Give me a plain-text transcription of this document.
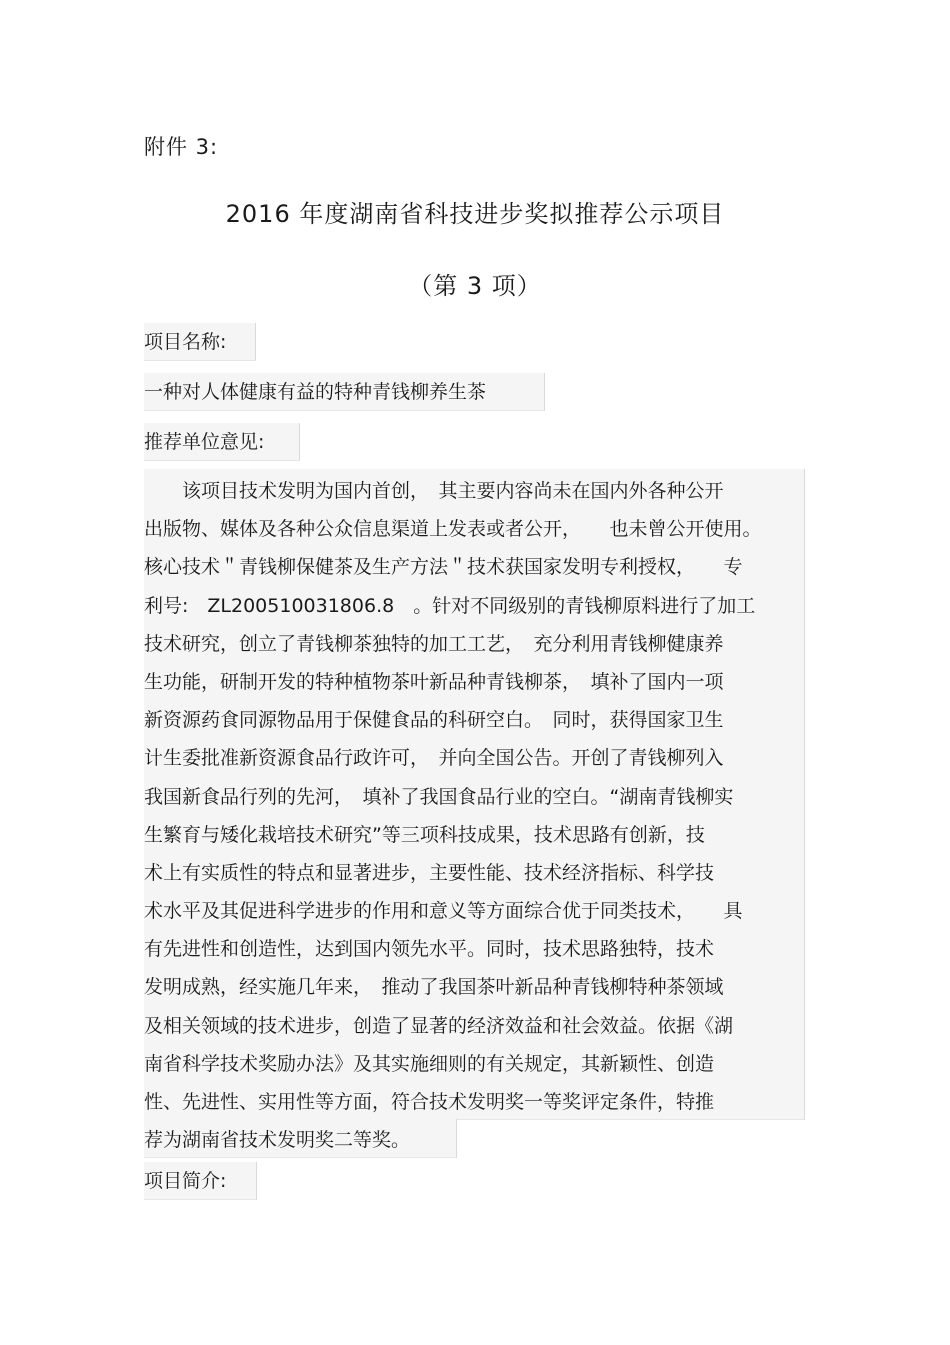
附件 3:
2016 年度湖南省科技进步奖拟推荐公示项目
（第 3 项）
项目名称:
一种对人体健康有益的特种青钱柳养生茶
推荐单位意见:
　　该项目技术发明为国内首创，　其主要内容尚未在国内外各种公开
出版物、媒体及各种公众信息渠道上发表或者公开，　　也未曾公开使用。
核心技术＂青钱柳保健茶及生产方法＂技术获国家发明专利授权，　　专
利号:　ZL200510031806.8　。针对不同级别的青钱柳原料进行了加工
技术研究，创立了青钱柳茶独特的加工工艺，　充分利用青钱柳健康养
生功能，研制开发的特种植物茶叶新品种青钱柳茶，　填补了国内一项
新资源药食同源物品用于保健食品的科研空白。　同时，获得国家卫生
计生委批准新资源食品行政许可，　并向全国公告。开创了青钱柳列入
我国新食品行列的先河，　填补了我国食品行业的空白。“湖南青钱柳实
生繁育与矮化栽培技术研究”等三项科技成果，技术思路有创新，技
术上有实质性的特点和显著进步，主要性能、技术经济指标、科学技
术水平及其促进科学进步的作用和意义等方面综合优于同类技术，　　具
有先进性和创造性，达到国内领先水平。同时，技术思路独特，技术
发明成熟，经实施几年来，　推动了我国茶叶新品种青钱柳特种茶领域
及相关领域的技术进步，创造了显著的经济效益和社会效益。依据《湖
南省科学技术奖励办法》及其实施细则的有关规定，其新颖性、创造
性、先进性、实用性等方面，符合技术发明奖一等奖评定条件，特推
荐为湖南省技术发明奖二等奖。
项目简介:
